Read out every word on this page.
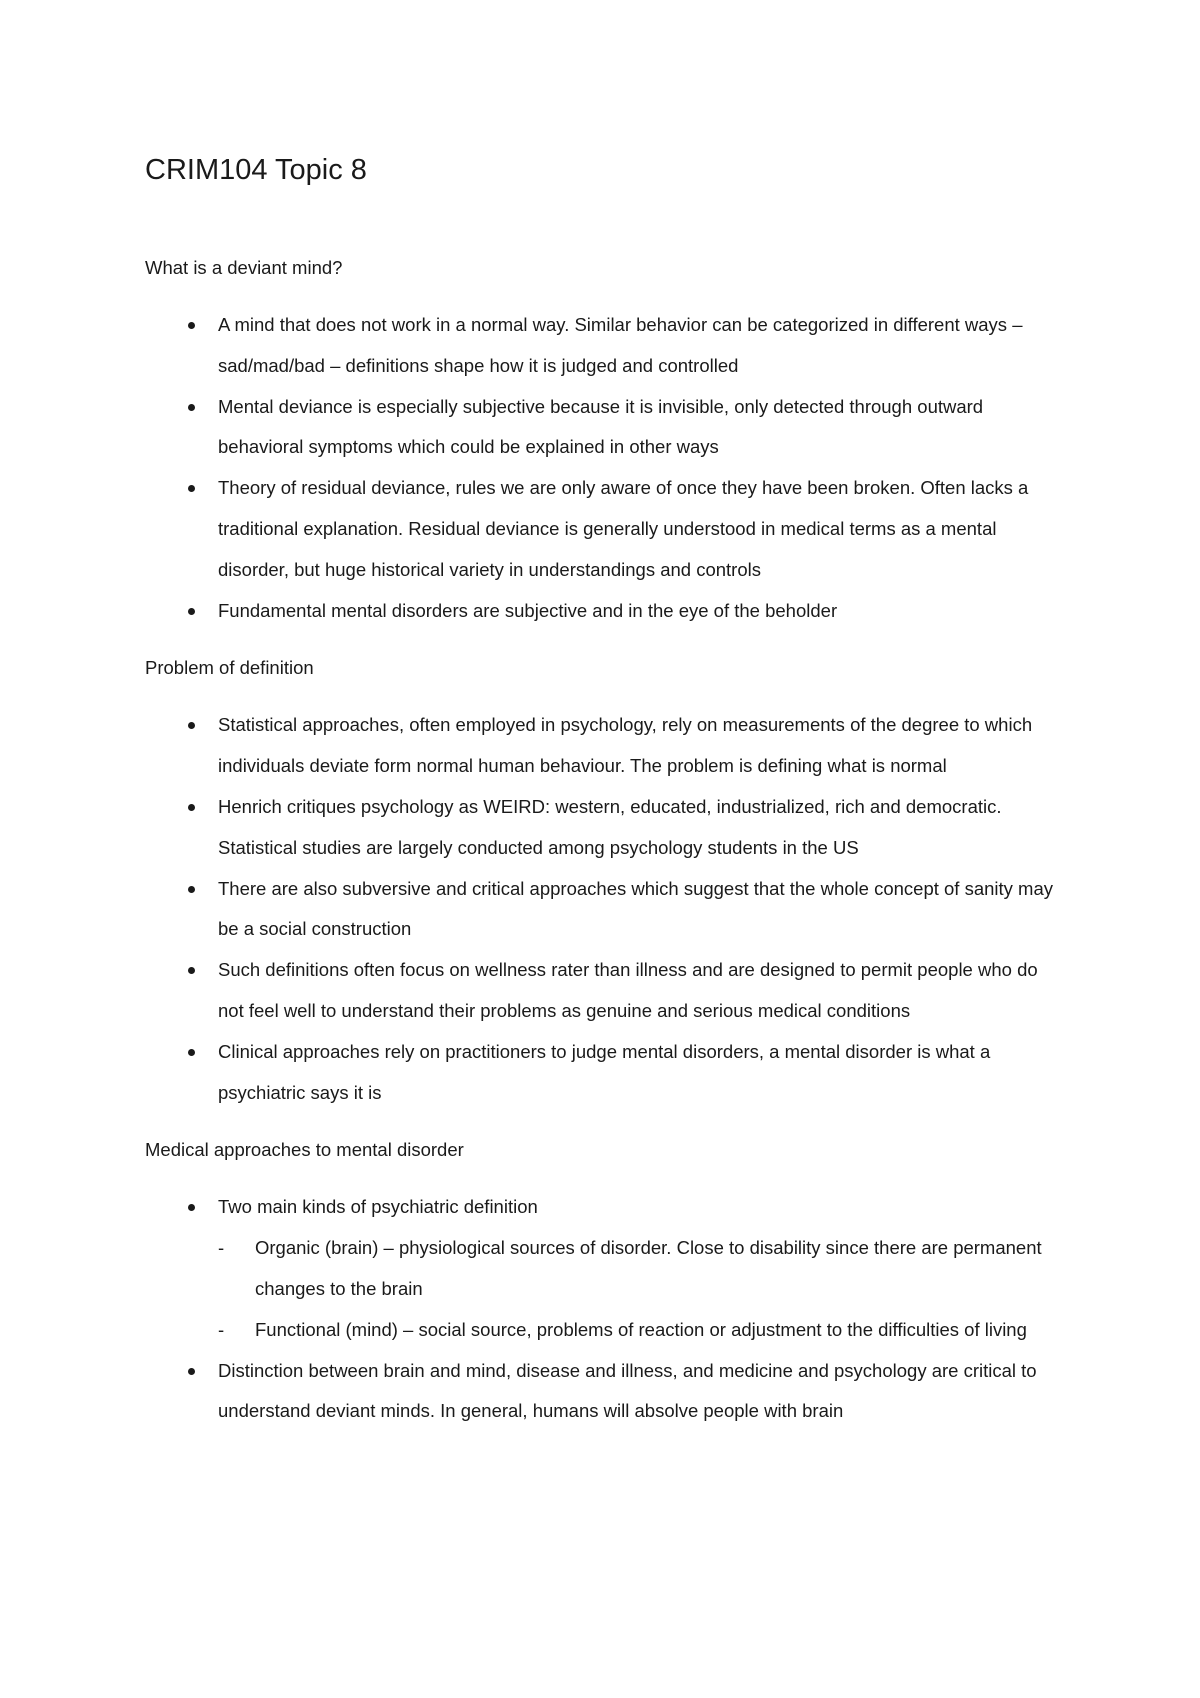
CRIM104 Topic 8
What is a deviant mind?
A mind that does not work in a normal way. Similar behavior can be categorized in different ways – sad/mad/bad – definitions shape how it is judged and controlled
Mental deviance is especially subjective because it is invisible, only detected through outward behavioral symptoms which could be explained in other ways
Theory of residual deviance, rules we are only aware of once they have been broken. Often lacks a traditional explanation. Residual deviance is generally understood in medical terms as a mental disorder, but huge historical variety in understandings and controls
Fundamental mental disorders are subjective and in the eye of the beholder
Problem of definition
Statistical approaches, often employed in psychology, rely on measurements of the degree to which individuals deviate form normal human behaviour. The problem is defining what is normal
Henrich critiques psychology as WEIRD: western, educated, industrialized, rich and democratic. Statistical studies are largely conducted among psychology students in the US
There are also subversive and critical approaches which suggest that the whole concept of sanity may be a social construction
Such definitions often focus on wellness rater than illness and are designed to permit people who do not feel well to understand their problems as genuine and serious medical conditions
Clinical approaches rely on practitioners to judge mental disorders, a mental disorder is what a psychiatric says it is
Medical approaches to mental disorder
Two main kinds of psychiatric definition
- Organic (brain) – physiological sources of disorder. Close to disability since there are permanent changes to the brain
- Functional (mind) – social source, problems of reaction or adjustment to the difficulties of living
Distinction between brain and mind, disease and illness, and medicine and psychology are critical to understand deviant minds. In general, humans will absolve people with brain
